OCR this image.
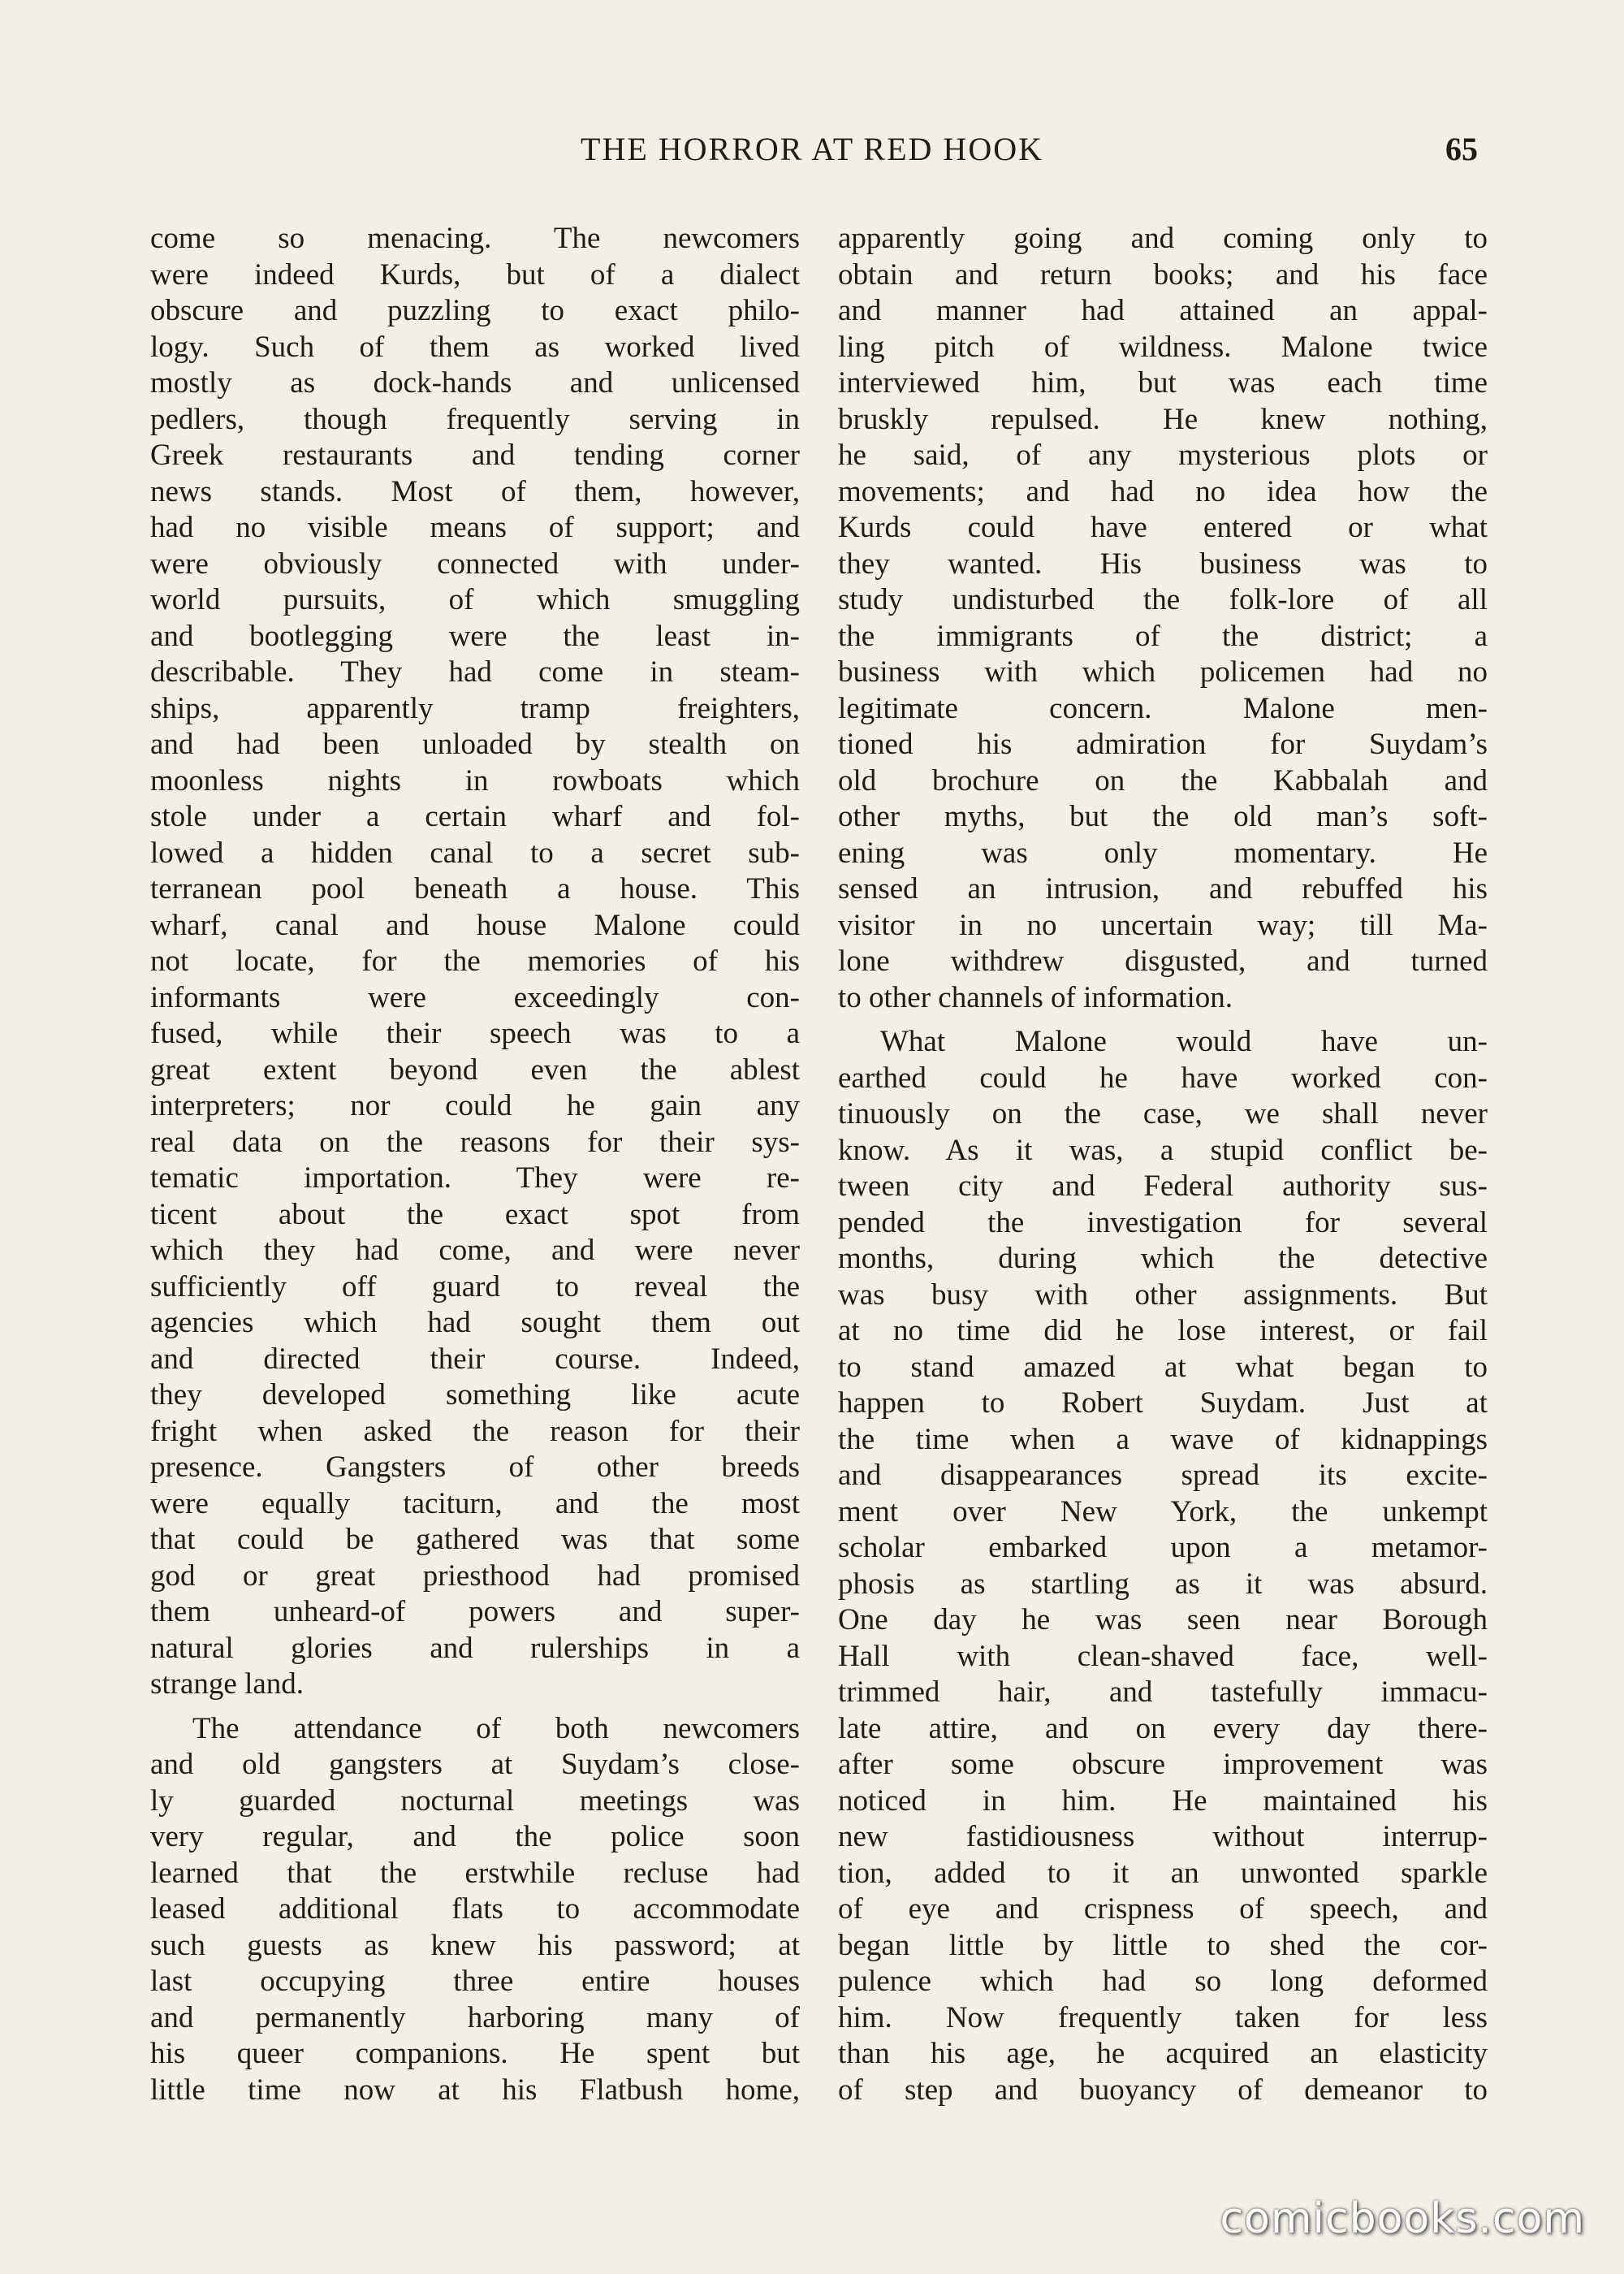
THE HORROR AT RED HOOK	65
come so menacing. The newcomers
were indeed Kurds, but of a dialect
obscure and puzzling to exact philo-
logy. Such of them as worked lived
mostly as dock-hands and unlicensed
pedlers, though frequently serving in
Greek restaurants and tending corner
news stands. Most of them, however,
had no visible means of support; and
were obviously connected with under-
world pursuits, of which smuggling
and bootlegging were the least in-
describable. They had come in steam-
ships, apparently tramp freighters,
and had been unloaded by stealth on
moonless nights in rowboats which
stole under a certain wharf and fol-
lowed a hidden canal to a secret sub-
terranean pool beneath a house. This
wharf, canal and house Malone could
not locate, for the memories of his
informants were exceedingly con-
fused, while their speech was to a
great extent beyond even the ablest
interpreters; nor could he gain any
real data on the reasons for their sys-
tematic importation. They were re-
ticent about the exact spot from
which they had come, and were never
sufficiently off guard to reveal the
agencies which had sought them out
and directed their course. Indeed,
they developed something like acute
fright when asked the reason for their
presence. Gangsters of other breeds
were equally taciturn, and the most
that could be gathered was that some
god or great priesthood had promised
them unheard-of powers and super-
natural glories and rulerships in a
strange land.
The attendance of both newcomers
and old gangsters at Suydam’s close-
ly guarded nocturnal meetings was
very regular, and the police soon
learned that the erstwhile recluse had
leased additional flats to accommodate
such guests as knew his password; at
last occupying three entire houses
and permanently harboring many of
his queer companions. He spent but
little time now at his Flatbush home,
apparently going and coming only to
obtain and return books; and his face
and manner had attained an appal-
ling pitch of wildness. Malone twice
interviewed him, but was each time
bruskly repulsed. He knew nothing,
he said, of any mysterious plots or
movements; and had no idea how the
Kurds could have entered or what
they wanted. His business was to
study undisturbed the folk-lore of all
the immigrants of the district; a
business with which policemen had no
legitimate concern. Malone men-
tioned his admiration for Suydam’s
old brochure on the Kabbalah and
other myths, but the old man’s soft-
ening was only momentary. He
sensed an intrusion, and rebuffed his
visitor in no uncertain way; till Ma-
lone withdrew disgusted, and turned
to other channels of information.
What Malone would have un-
earthed could he have worked con-
tinuously on the case, we shall never
know. As it was, a stupid conflict be-
tween city and Federal authority sus-
pended the investigation for several
months, during which the detective
was busy with other assignments. But
at no time did he lose interest, or fail
to stand amazed at what began to
happen to Robert Suydam. Just at
the time when a wave of kidnappings
and disappearances spread its excite-
ment over New York, the unkempt
scholar embarked upon a metamor-
phosis as startling as it was absurd.
One day he was seen near Borough
Hall with clean-shaved face, well-
trimmed hair, and tastefully immacu-
late attire, and on every day there-
after some obscure improvement was
noticed in him. He maintained his
new fastidiousness without interrup-
tion, added to it an unwonted sparkle
of eye and crispness of speech, and
began little by little to shed the cor-
pulence which had so long deformed
him. Now frequently taken for less
than his age, he acquired an elasticity
of step and buoyancy of demeanor to
comicbooks.com
